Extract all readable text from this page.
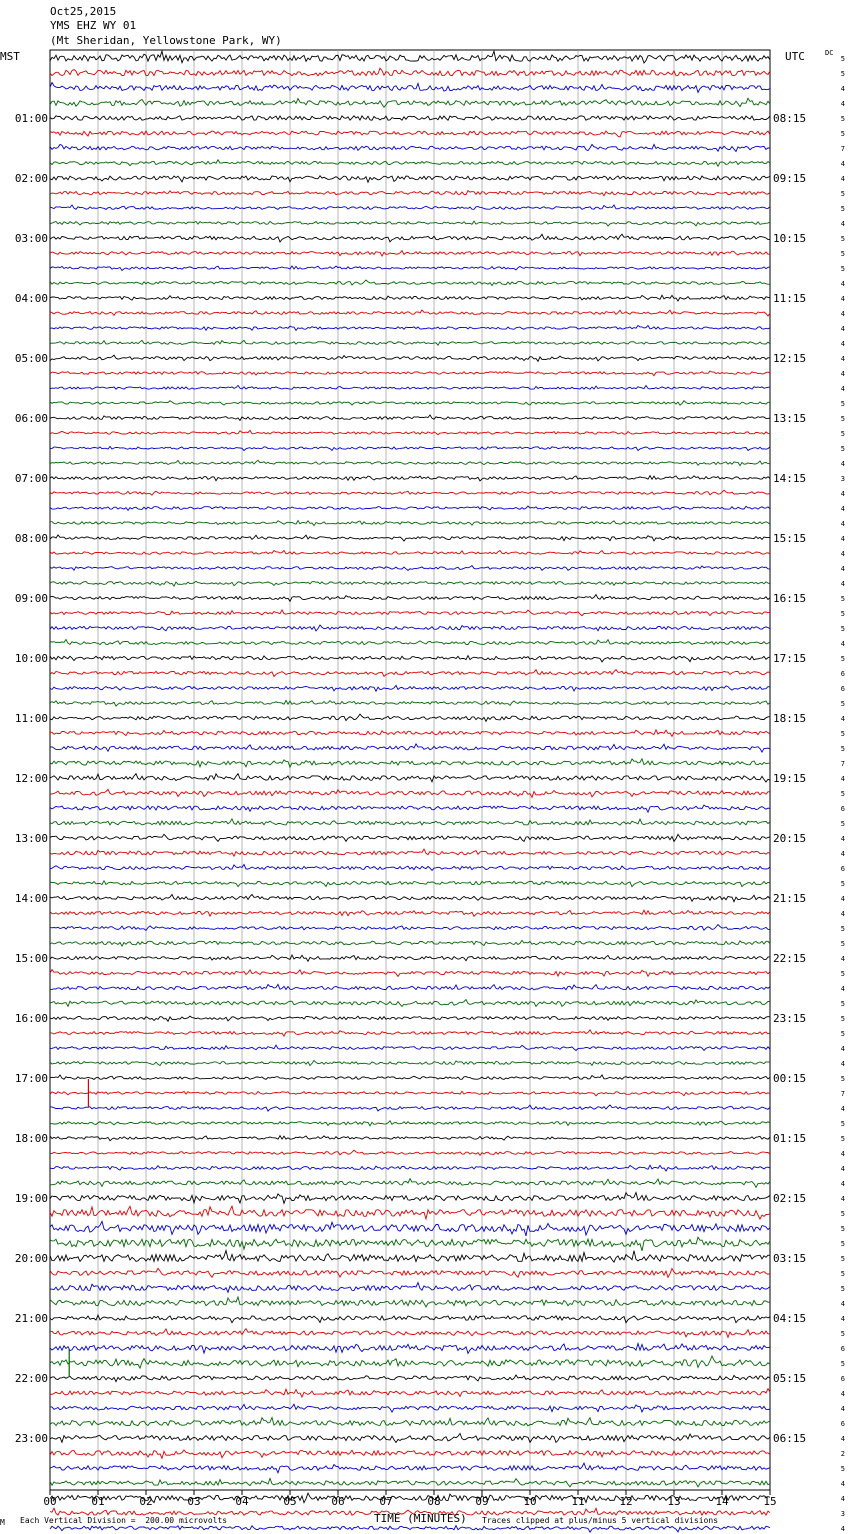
Oct25,2015
YMS EHZ WY 01
(Mt Sheridan, Yellowstone Park, WY)
MST	UTC	DC
00	01	02	03	04	05	06	07	08	09	10	11	12	13	14	15
5
5
4
4
5
5
7
4
4
5
5
4
5
5
5
4
4
4
4
4
4
4
4
5
5
5
5
4
3
4
4
4
4
4
4
4
5
5
5
4
5
6
6
5
4
5
5
7
4
5
6
5
4
4
6
5
4
4
5
5
4
5
4
5
5
5
4
4
5
7
4
5
5
4
4
4
4
5
5
5
5
5
5
4
4
5
6
5
6
4
4
6
4
2
5
4
4
3
4
01:00
02:00
03:00
04:00
05:00
06:00
07:00
08:00
09:00
10:00
11:00
12:00
13:00
14:00
15:00
16:00
17:00
18:00
19:00
20:00
21:00
22:00
23:00
08:15
09:15
10:15
11:15
12:15
13:15
14:15
15:15
16:15
17:15
18:15
19:15
20:15
21:15
22:15
23:15
00:15
01:15
02:15
03:15
04:15
05:15
06:15
M Each Vertical Division =  200.00 microvolts	TIME (MINUTES) Traces clipped at plus/minus 5 vertical divisions
